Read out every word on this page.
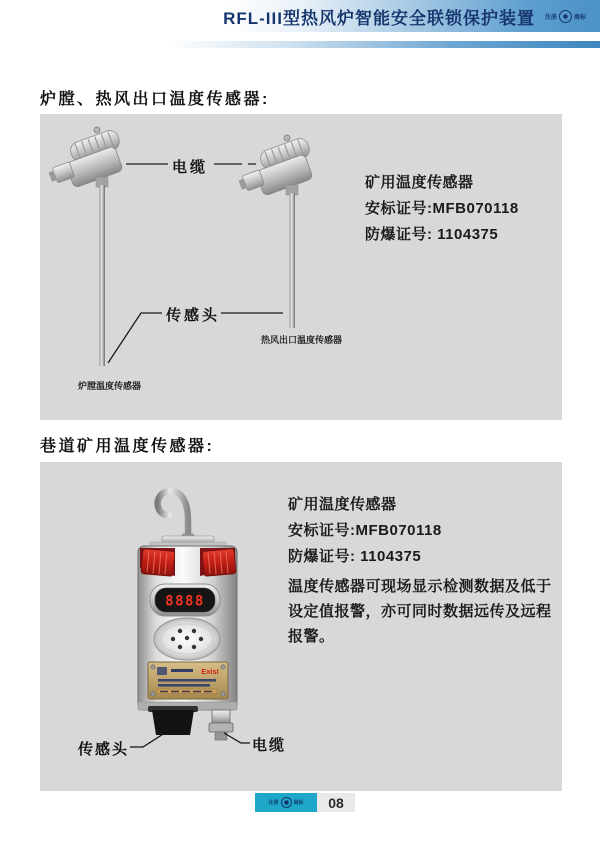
RFL-III型热风炉智能安全联锁保护装置 注册	商标
炉膛、热风出口温度传感器:
电缆
传感头
炉膛温度传感器
热风出口温度传感器
矿用温度传感器
安标证号:MFB070118
防爆证号: 1104375
巷道矿用温度传感器:
8888
ExisI
矿用温度传感器
安标证号:MFB070118
防爆证号: 1104375
温度传感器可现场显示检测数据及低于设定值报警，亦可同时数据远传及远程报警。
传感头	电缆
注册	商标	08
